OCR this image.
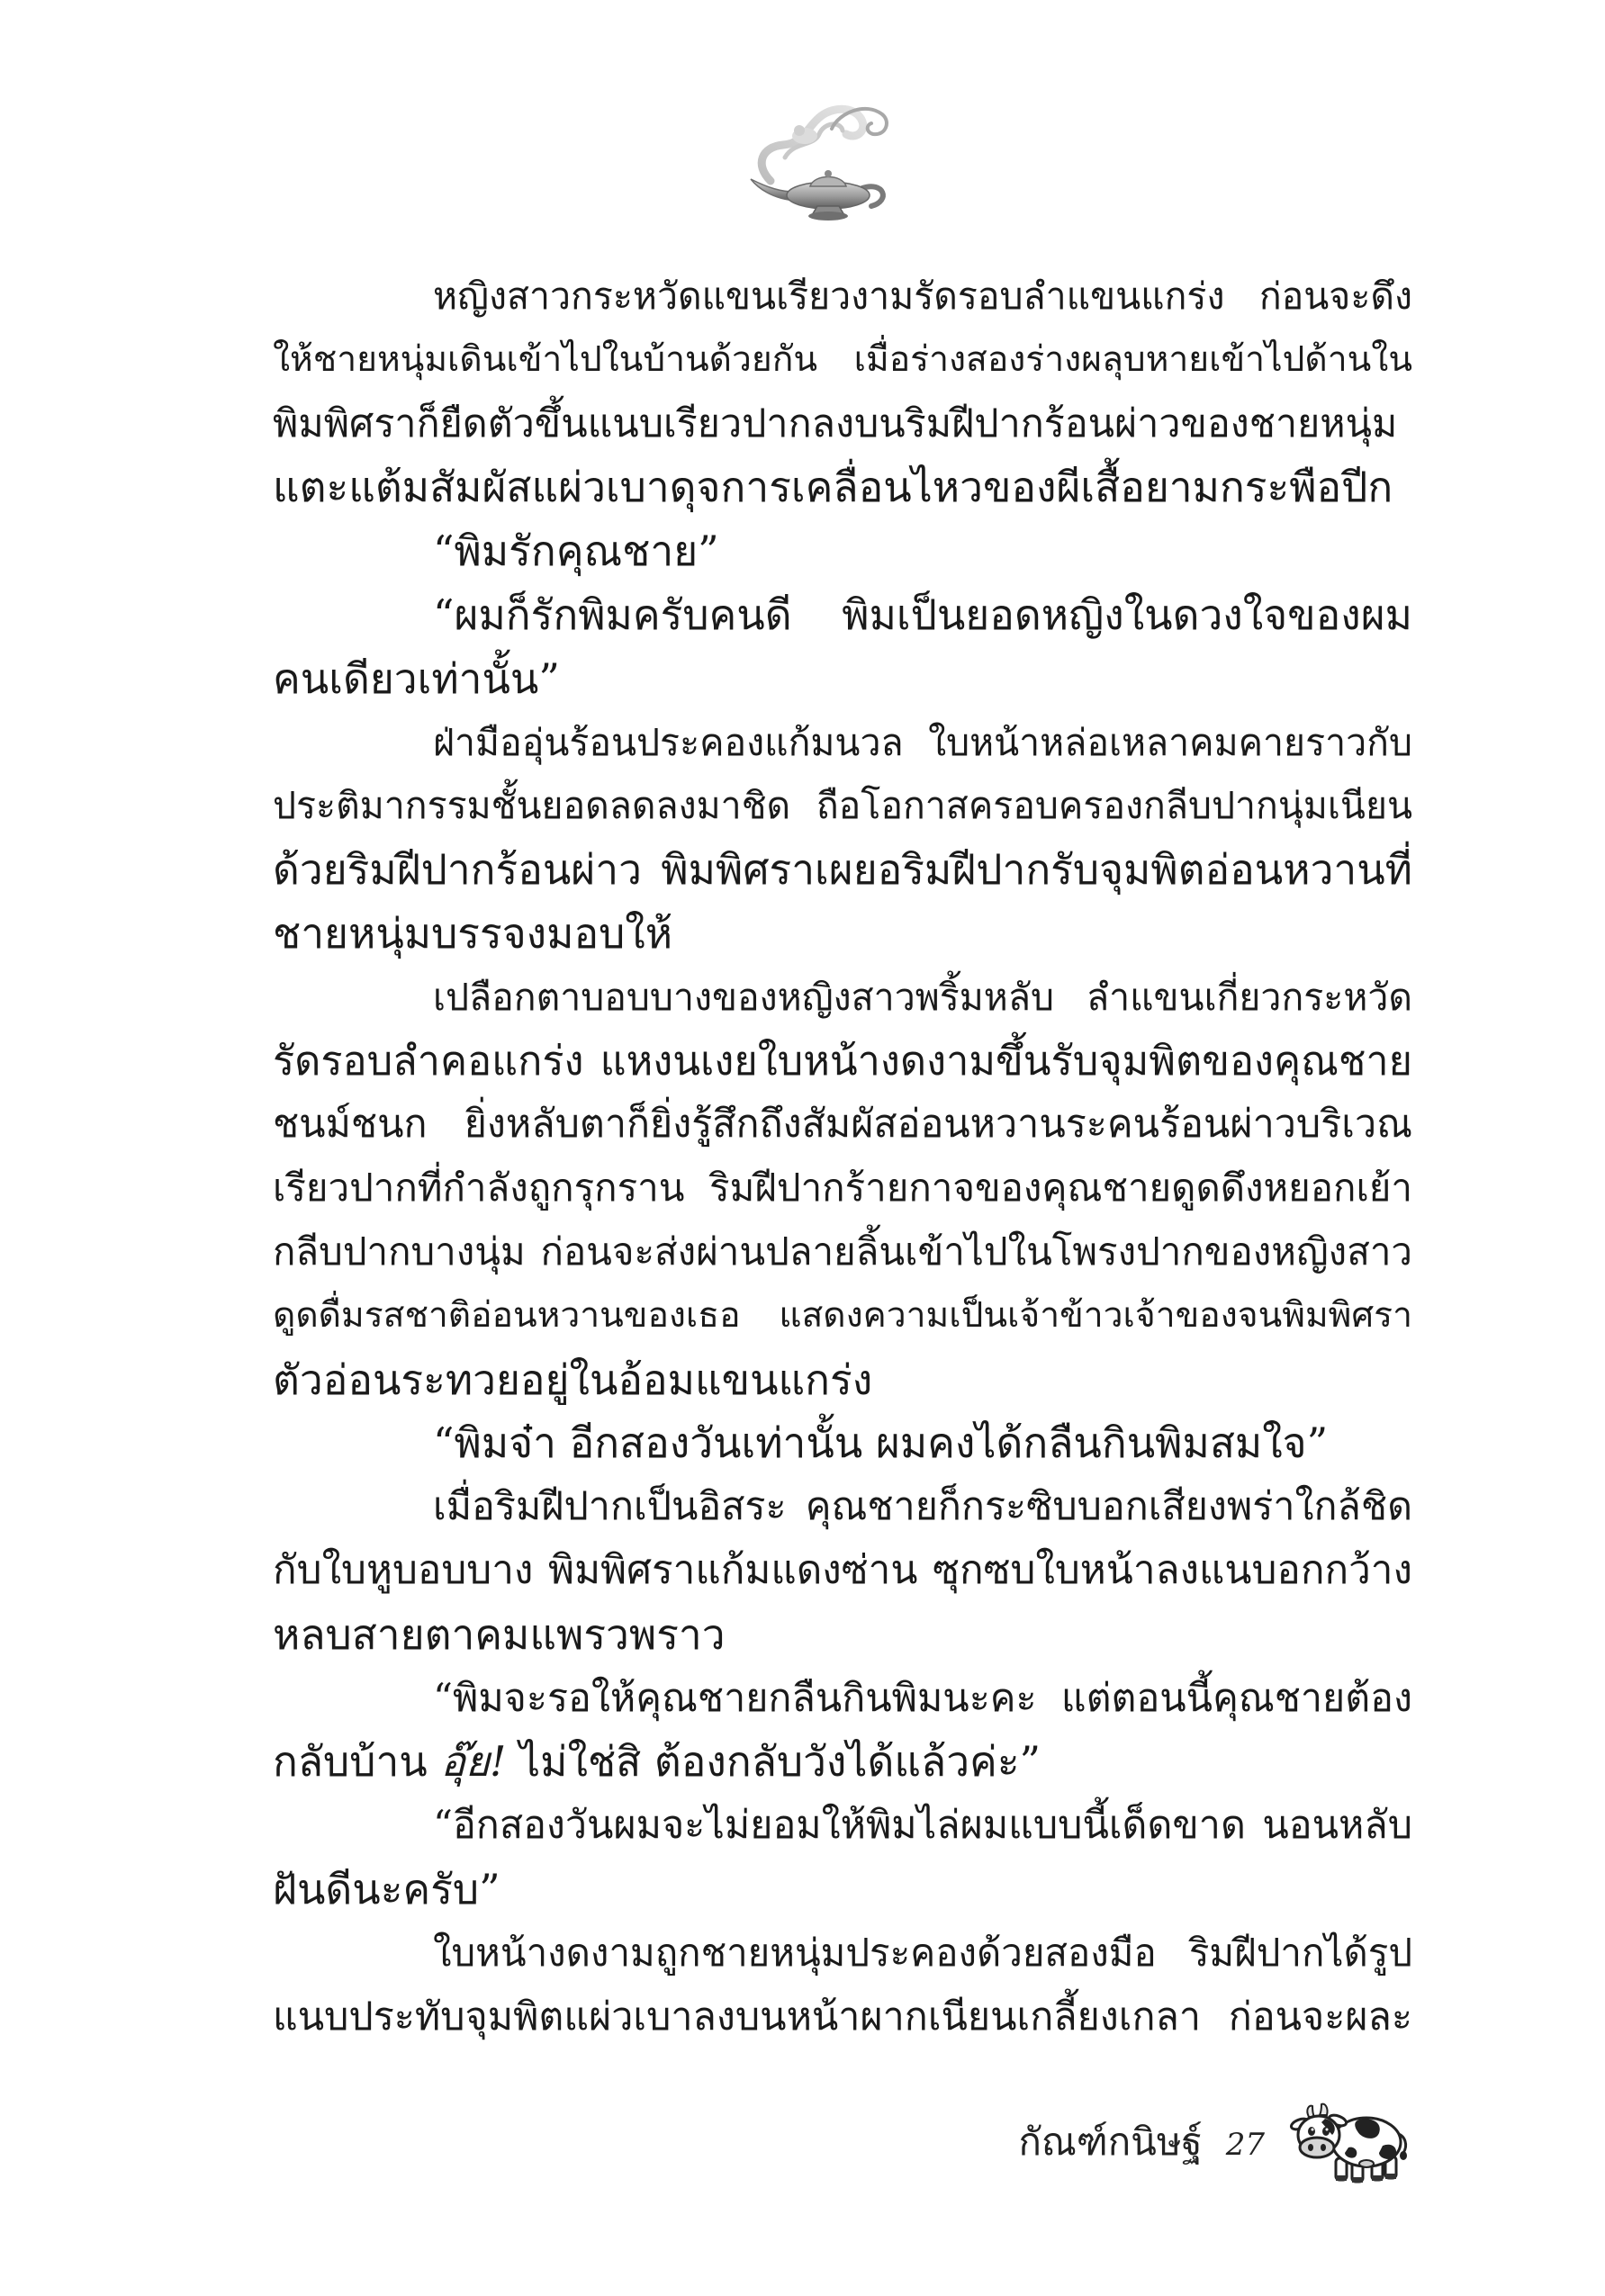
หญิงสาวกระหวัดแขนเรียวงามรัดรอบลำแขนแกร่ง ก่อนจะดึง
ให้ชายหนุ่มเดินเข้าไปในบ้านด้วยกัน เมื่อร่างสองร่างผลุบหายเข้าไปด้านใน
พิมพิศราก็ยืดตัวขึ้นแนบเรียวปากลงบนริมฝีปากร้อนผ่าวของชายหนุ่ม
แตะแต้มสัมผัสแผ่วเบาดุจการเคลื่อนไหวของผีเสื้อยามกระพือปีก
“พิมรักคุณชาย”
“ผมก็รักพิมครับคนดี พิมเป็นยอดหญิงในดวงใจของผม
คนเดียวเท่านั้น”
ฝ่ามืออุ่นร้อนประคองแก้มนวล ใบหน้าหล่อเหลาคมคายราวกับ
ประติมากรรมชั้นยอดลดลงมาชิด ถือโอกาสครอบครองกลีบปากนุ่มเนียน
ด้วยริมฝีปากร้อนผ่าว พิมพิศราเผยอริมฝีปากรับจุมพิตอ่อนหวานที่
ชายหนุ่มบรรจงมอบให้
เปลือกตาบอบบางของหญิงสาวพริ้มหลับ ลำแขนเกี่ยวกระหวัด
รัดรอบลำคอแกร่ง แหงนเงยใบหน้างดงามขึ้นรับจุมพิตของคุณชาย
ชนม์ชนก ยิ่งหลับตาก็ยิ่งรู้สึกถึงสัมผัสอ่อนหวานระคนร้อนผ่าวบริเวณ
เรียวปากที่กำลังถูกรุกราน ริมฝีปากร้ายกาจของคุณชายดูดดึงหยอกเย้า
กลีบปากบางนุ่ม ก่อนจะส่งผ่านปลายลิ้นเข้าไปในโพรงปากของหญิงสาว
ดูดดื่มรสชาติอ่อนหวานของเธอ แสดงความเป็นเจ้าข้าวเจ้าของจนพิมพิศรา
ตัวอ่อนระทวยอยู่ในอ้อมแขนแกร่ง
“พิมจ๋า อีกสองวันเท่านั้น ผมคงได้กลืนกินพิมสมใจ”
เมื่อริมฝีปากเป็นอิสระ คุณชายก็กระซิบบอกเสียงพร่าใกล้ชิด
กับใบหูบอบบาง พิมพิศราแก้มแดงซ่าน ซุกซบใบหน้าลงแนบอกกว้าง
หลบสายตาคมแพรวพราว
“พิมจะรอให้คุณชายกลืนกินพิมนะคะ แต่ตอนนี้คุณชายต้อง
กลับบ้าน อุ๊ย! ไม่ใช่สิ ต้องกลับวังได้แล้วค่ะ”
“อีกสองวันผมจะไม่ยอมให้พิมไล่ผมแบบนี้เด็ดขาด นอนหลับ
ฝันดีนะครับ”
ใบหน้างดงามถูกชายหนุ่มประคองด้วยสองมือ ริมฝีปากได้รูป
แนบประทับจุมพิตแผ่วเบาลงบนหน้าผากเนียนเกลี้ยงเกลา ก่อนจะผละ
กัณฑ์กนิษฐ์ 27
